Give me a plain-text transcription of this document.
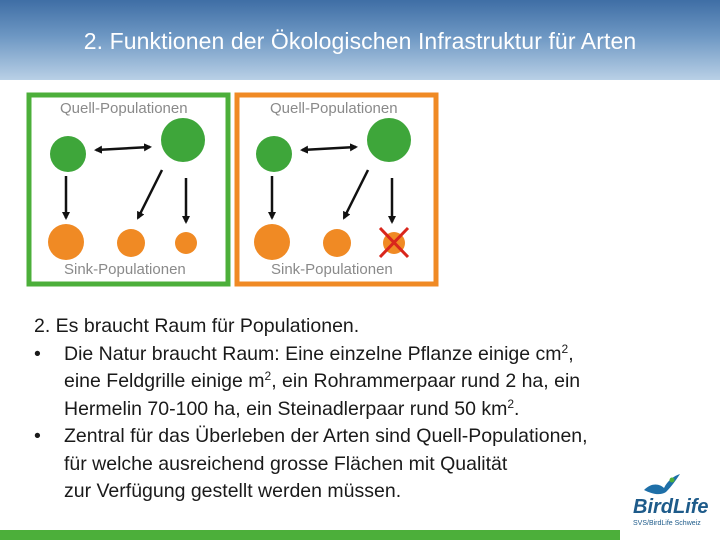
2. Funktionen der Ökologischen Infrastruktur für Arten
Quell-Populationen
Sink-Populationen
Quell-Populationen
Sink-Populationen
2. Es braucht Raum für Populationen.
•	Die Natur braucht Raum: Eine einzelne Pflanze einige $cm^2$,
eine Feldgrille einige $m^2$, ein Rohrammerpaar rund 2 ha, ein
Hermelin 70-100 ha, ein Steinadlerpaar rund 50 $km^2$.
•	Zentral für das Überleben der Arten sind Quell-Populationen,
für welche ausreichend grosse Flächen mit Qualität
zur Verfügung gestellt werden müssen.
BirdLife
SVS/BirdLife Schweiz
